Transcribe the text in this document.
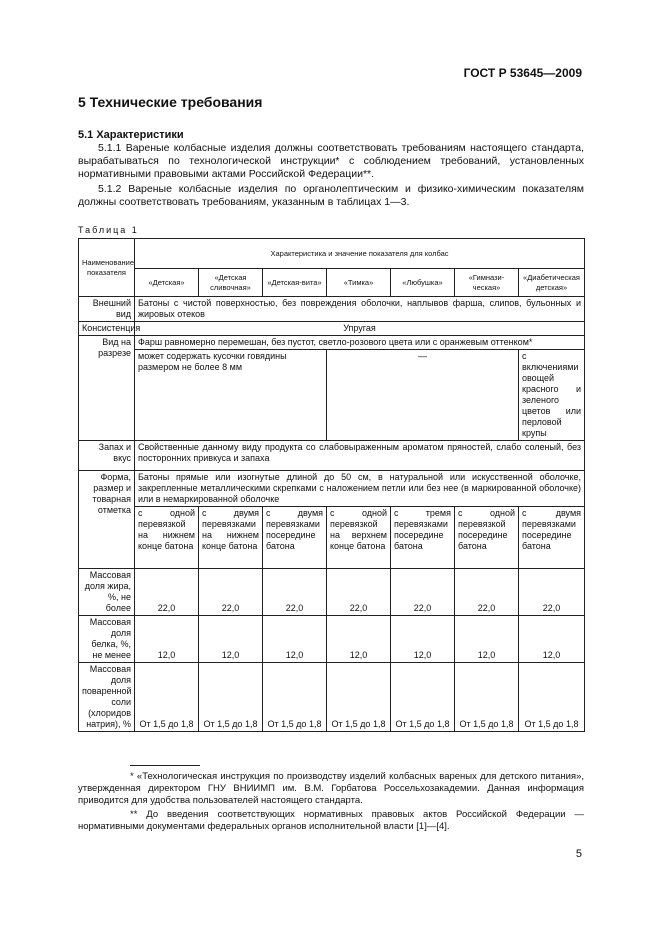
ГОСТ Р 53645—2009
5 Технические требования
5.1 Характеристики
5.1.1 Вареные колбасные изделия должны соответствовать требованиям настоящего стандарта, вырабатываться по технологической инструкции* с соблюдением требований, установленных нормативными правовыми актами Российской Федерации**.
5.1.2 Вареные колбасные изделия по органолептическим и физико-химическим показателям должны соответствовать требованиям, указанным в таблицах 1—3.
Таблица 1
Наименование показателя	Характеристика и значение показателя для колбас						
	«Детская»	«Детская сливочная»	«Детская-вита»	«Тимка»	«Любушка»	«Гимнази-ческая»	«Диабетическая детская»
Внешний вид	Батоны с чистой поверхностью, без повреждения оболочки, наплывов фарша, слипов, бульонных и жировых отеков						
Консистенция	Упругая						
Вид на разрезе	Фарш равномерно перемешан, без пустот, светло-розового цвета или с оранжевым оттенком*						
	может содержать кусочки говядины размером не более 8 мм			—			с включениями овощей красного и зеленого цветов или перловой крупы
Запах и вкус	Свойственные данному виду продукта со слабовыраженным ароматом пряностей, слабо соленый, без посторонних привкуса и запаха						
Форма, размер и товарная отметка	Батоны прямые или изогнутые длиной до 50 см, в натуральной или искусственной оболочке, закрепленные металлическими скрепками с наложением петли или без нее (в маркированной оболочке) или в немаркированной оболочке						
	с одной перевязкой на нижнем конце батона	с двумя перевязками на нижнем конце батона	с двумя перевязками посередине батона	с одной перевязкой на верхнем конце батона	с тремя перевязками посередине батона	с одной перевязкой посередине батона	с двумя перевязками посередине батона
Массовая доля жира, %, не более	22,0	22,0	22,0	22,0	22,0	22,0	22,0
Массовая доля белка, %, не менее	12,0	12,0	12,0	12,0	12,0	12,0	12,0
Массовая доля поваренной соли (хлоридов натрия), %	От 1,5 до 1,8	От 1,5 до 1,8	От 1,5 до 1,8	От 1,5 до 1,8	От 1,5 до 1,8	От 1,5 до 1,8	От 1,5 до 1,8
* «Технологическая инструкция по производству изделий колбасных вареных для детского питания», утвержденная директором ГНУ ВНИИМП им. В.М. Горбатова Россельхозакадемии. Данная информация приводится для удобства пользователей настоящего стандарта.
** До введения соответствующих нормативных правовых актов Российской Федерации — нормативными документами федеральных органов исполнительной власти [1]—[4].
5
